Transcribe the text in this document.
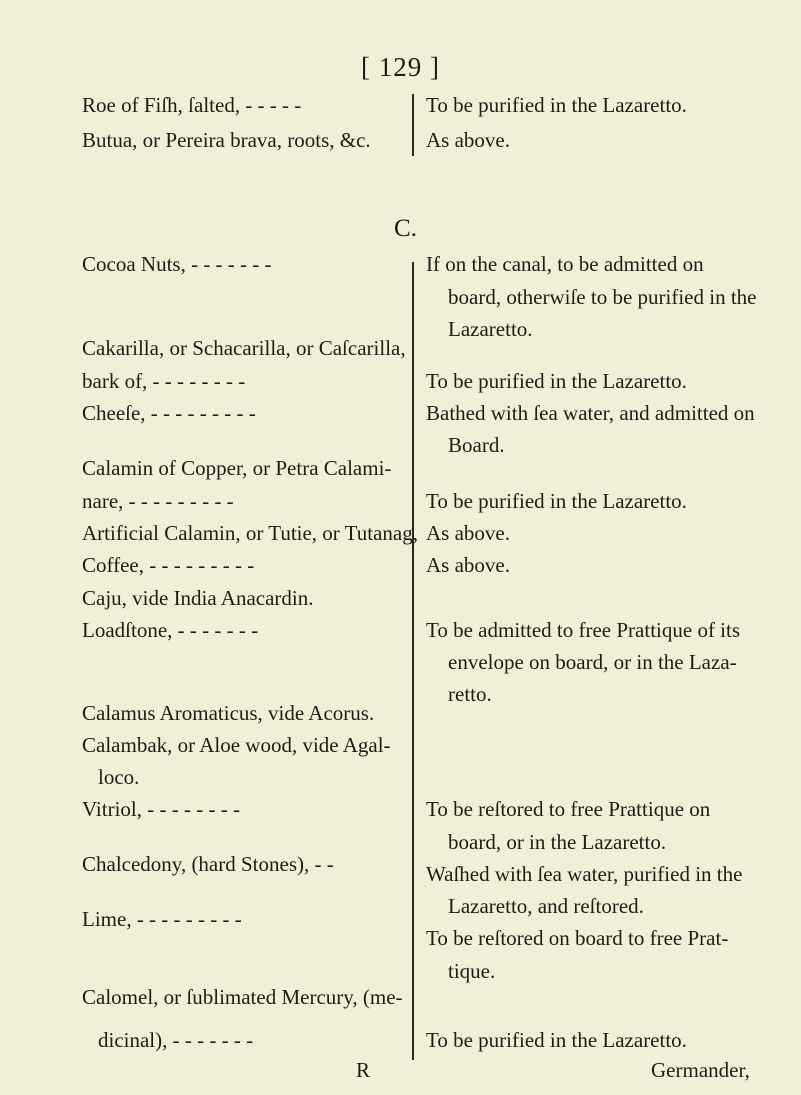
[ 129 ]
Roe of Fiſh, ſalted, - - - - -
Butua, or Pereira brava, roots, &c.
To be purified in the Lazaretto.
As above.
C.
Cocoa Nuts, - - - - - - -
Cakarilla, or Schacarilla, or Caſcarilla,
bark of, - - - - - - - -
Cheeſe, - - - - - - - - -
Calamin of Copper, or Petra Calami-
nare, - - - - - - - - -
Artificial Calamin, or Tutie, or Tutanag,
Coffee, - - - - - - - - -
Caju, vide India Anacardin.
Loadſtone, - - - - - - -
Calamus Aromaticus, vide Acorus.
Calambak, or Aloe wood, vide Agal-
loco.
Vitriol, - - - - - - - -
Chalcedony, (hard Stones), - -
Lime, - - - - - - - - -
Calomel, or ſublimated Mercury, (me-
dicinal), - - - - - - -
If on the canal, to be admitted on
board, otherwiſe to be purified in the
Lazaretto.
To be purified in the Lazaretto.
Bathed with ſea water, and admitted on
Board.
To be purified in the Lazaretto.
As above.
As above.
To be admitted to free Prattique of its
envelope on board, or in the Laza-
retto.
To be reſtored to free Prattique on
board, or in the Lazaretto.
Waſhed with ſea water, purified in the
Lazaretto, and reſtored.
To be reſtored on board to free Prat-
tique.
To be purified in the Lazaretto.
R	Germander,
